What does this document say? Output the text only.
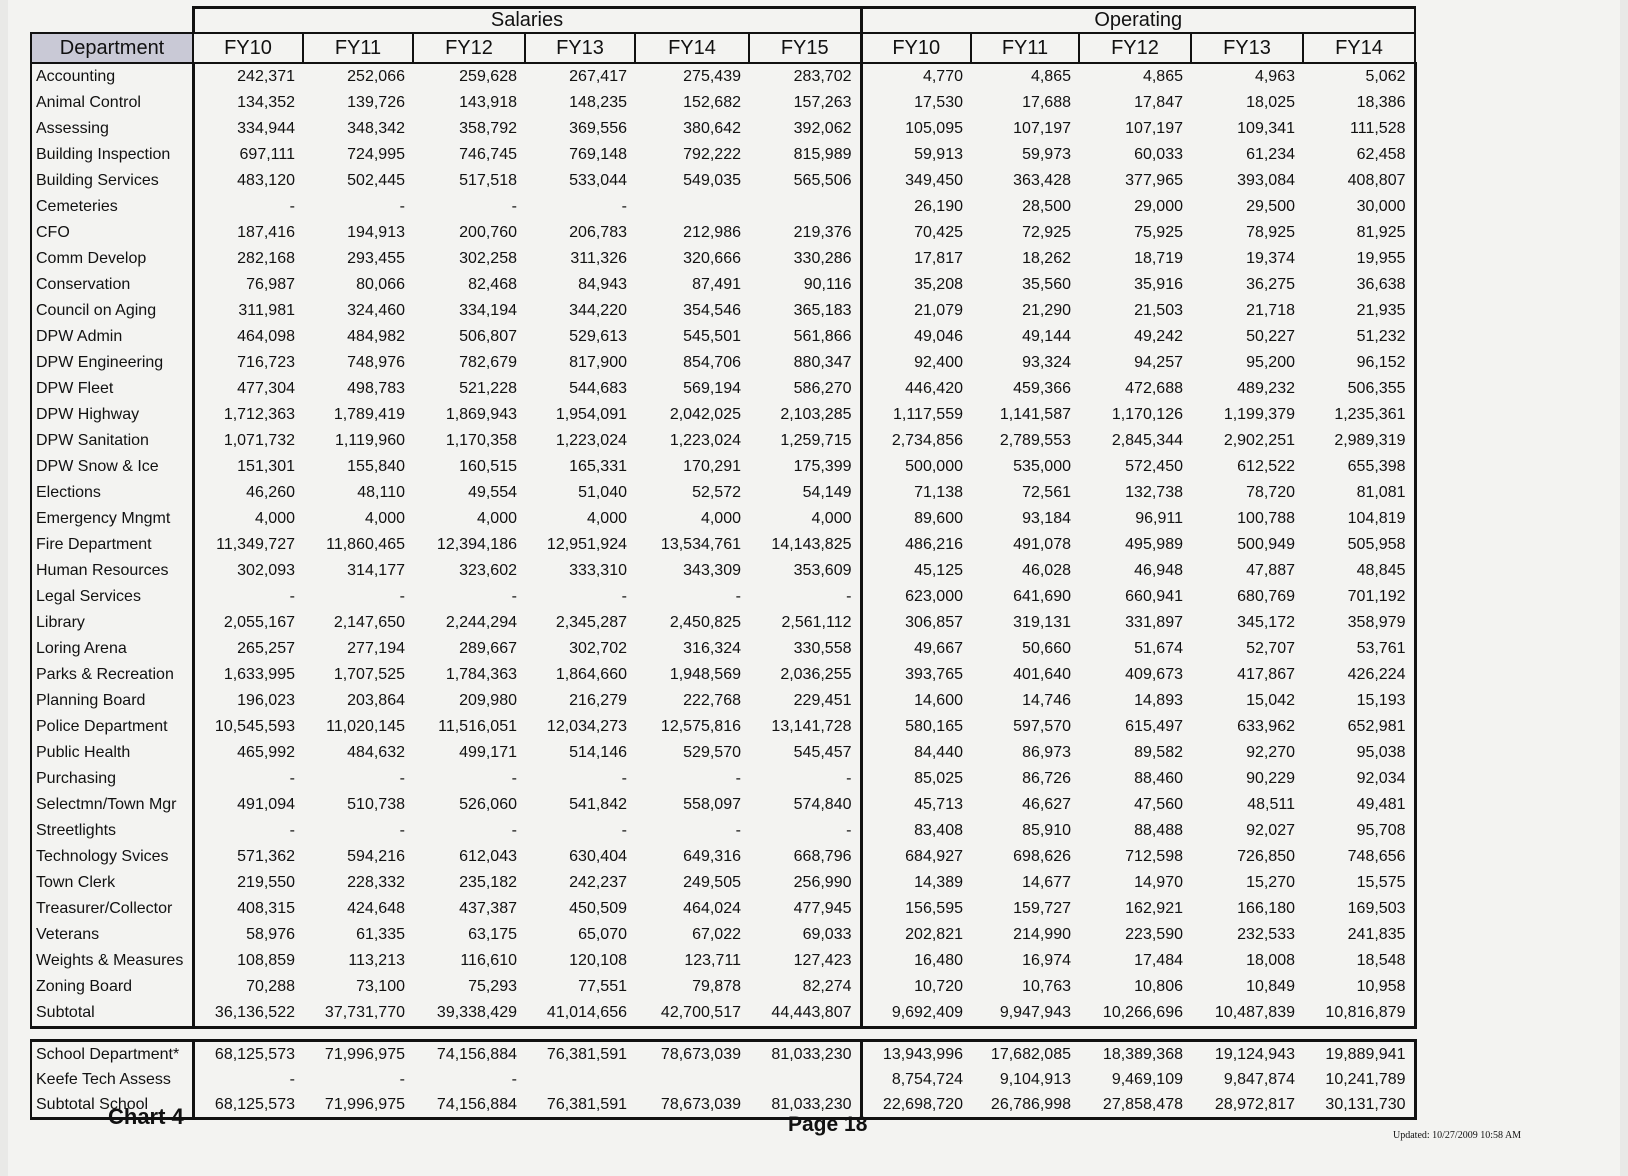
	Salaries						Operating				
Department	FY10	FY11	FY12	FY13	FY14	FY15	FY10	FY11	FY12	FY13	FY14
Accounting	242,371	252,066	259,628	267,417	275,439	283,702	4,770	4,865	4,865	4,963	5,062
Animal Control	134,352	139,726	143,918	148,235	152,682	157,263	17,530	17,688	17,847	18,025	18,386
Assessing	334,944	348,342	358,792	369,556	380,642	392,062	105,095	107,197	107,197	109,341	111,528
Building Inspection	697,111	724,995	746,745	769,148	792,222	815,989	59,913	59,973	60,033	61,234	62,458
Building Services	483,120	502,445	517,518	533,044	549,035	565,506	349,450	363,428	377,965	393,084	408,807
Cemeteries	-	-	-	-			26,190	28,500	29,000	29,500	30,000
CFO	187,416	194,913	200,760	206,783	212,986	219,376	70,425	72,925	75,925	78,925	81,925
Comm Develop	282,168	293,455	302,258	311,326	320,666	330,286	17,817	18,262	18,719	19,374	19,955
Conservation	76,987	80,066	82,468	84,943	87,491	90,116	35,208	35,560	35,916	36,275	36,638
Council on Aging	311,981	324,460	334,194	344,220	354,546	365,183	21,079	21,290	21,503	21,718	21,935
DPW Admin	464,098	484,982	506,807	529,613	545,501	561,866	49,046	49,144	49,242	50,227	51,232
DPW Engineering	716,723	748,976	782,679	817,900	854,706	880,347	92,400	93,324	94,257	95,200	96,152
DPW Fleet	477,304	498,783	521,228	544,683	569,194	586,270	446,420	459,366	472,688	489,232	506,355
DPW Highway	1,712,363	1,789,419	1,869,943	1,954,091	2,042,025	2,103,285	1,117,559	1,141,587	1,170,126	1,199,379	1,235,361
DPW Sanitation	1,071,732	1,119,960	1,170,358	1,223,024	1,223,024	1,259,715	2,734,856	2,789,553	2,845,344	2,902,251	2,989,319
DPW Snow & Ice	151,301	155,840	160,515	165,331	170,291	175,399	500,000	535,000	572,450	612,522	655,398
Elections	46,260	48,110	49,554	51,040	52,572	54,149	71,138	72,561	132,738	78,720	81,081
Emergency Mngmt	4,000	4,000	4,000	4,000	4,000	4,000	89,600	93,184	96,911	100,788	104,819
Fire Department	11,349,727	11,860,465	12,394,186	12,951,924	13,534,761	14,143,825	486,216	491,078	495,989	500,949	505,958
Human Resources	302,093	314,177	323,602	333,310	343,309	353,609	45,125	46,028	46,948	47,887	48,845
Legal Services	-	-	-	-	-	-	623,000	641,690	660,941	680,769	701,192
Library	2,055,167	2,147,650	2,244,294	2,345,287	2,450,825	2,561,112	306,857	319,131	331,897	345,172	358,979
Loring Arena	265,257	277,194	289,667	302,702	316,324	330,558	49,667	50,660	51,674	52,707	53,761
Parks & Recreation	1,633,995	1,707,525	1,784,363	1,864,660	1,948,569	2,036,255	393,765	401,640	409,673	417,867	426,224
Planning Board	196,023	203,864	209,980	216,279	222,768	229,451	14,600	14,746	14,893	15,042	15,193
Police Department	10,545,593	11,020,145	11,516,051	12,034,273	12,575,816	13,141,728	580,165	597,570	615,497	633,962	652,981
Public Health	465,992	484,632	499,171	514,146	529,570	545,457	84,440	86,973	89,582	92,270	95,038
Purchasing	-	-	-	-	-	-	85,025	86,726	88,460	90,229	92,034
Selectmn/Town Mgr	491,094	510,738	526,060	541,842	558,097	574,840	45,713	46,627	47,560	48,511	49,481
Streetlights	-	-	-	-	-	-	83,408	85,910	88,488	92,027	95,708
Technology Svices	571,362	594,216	612,043	630,404	649,316	668,796	684,927	698,626	712,598	726,850	748,656
Town Clerk	219,550	228,332	235,182	242,237	249,505	256,990	14,389	14,677	14,970	15,270	15,575
Treasurer/Collector	408,315	424,648	437,387	450,509	464,024	477,945	156,595	159,727	162,921	166,180	169,503
Veterans	58,976	61,335	63,175	65,070	67,022	69,033	202,821	214,990	223,590	232,533	241,835
Weights & Measures	108,859	113,213	116,610	120,108	123,711	127,423	16,480	16,974	17,484	18,008	18,548
Zoning Board	70,288	73,100	75,293	77,551	79,878	82,274	10,720	10,763	10,806	10,849	10,958
Subtotal	36,136,522	37,731,770	39,338,429	41,014,656	42,700,517	44,443,807	9,692,409	9,947,943	10,266,696	10,487,839	10,816,879

School Department*	68,125,573	71,996,975	74,156,884	76,381,591	78,673,039	81,033,230	13,943,996	17,682,085	18,389,368	19,124,943	19,889,941
Keefe Tech Assess	-	-	-				8,754,724	9,104,913	9,469,109	9,847,874	10,241,789
Subtotal School	68,125,573	71,996,975	74,156,884	76,381,591	78,673,039	81,033,230	22,698,720	26,786,998	27,858,478	28,972,817	30,131,730
Chart 4	Page 18	Updated: 10/27/2009 10:58 AM
